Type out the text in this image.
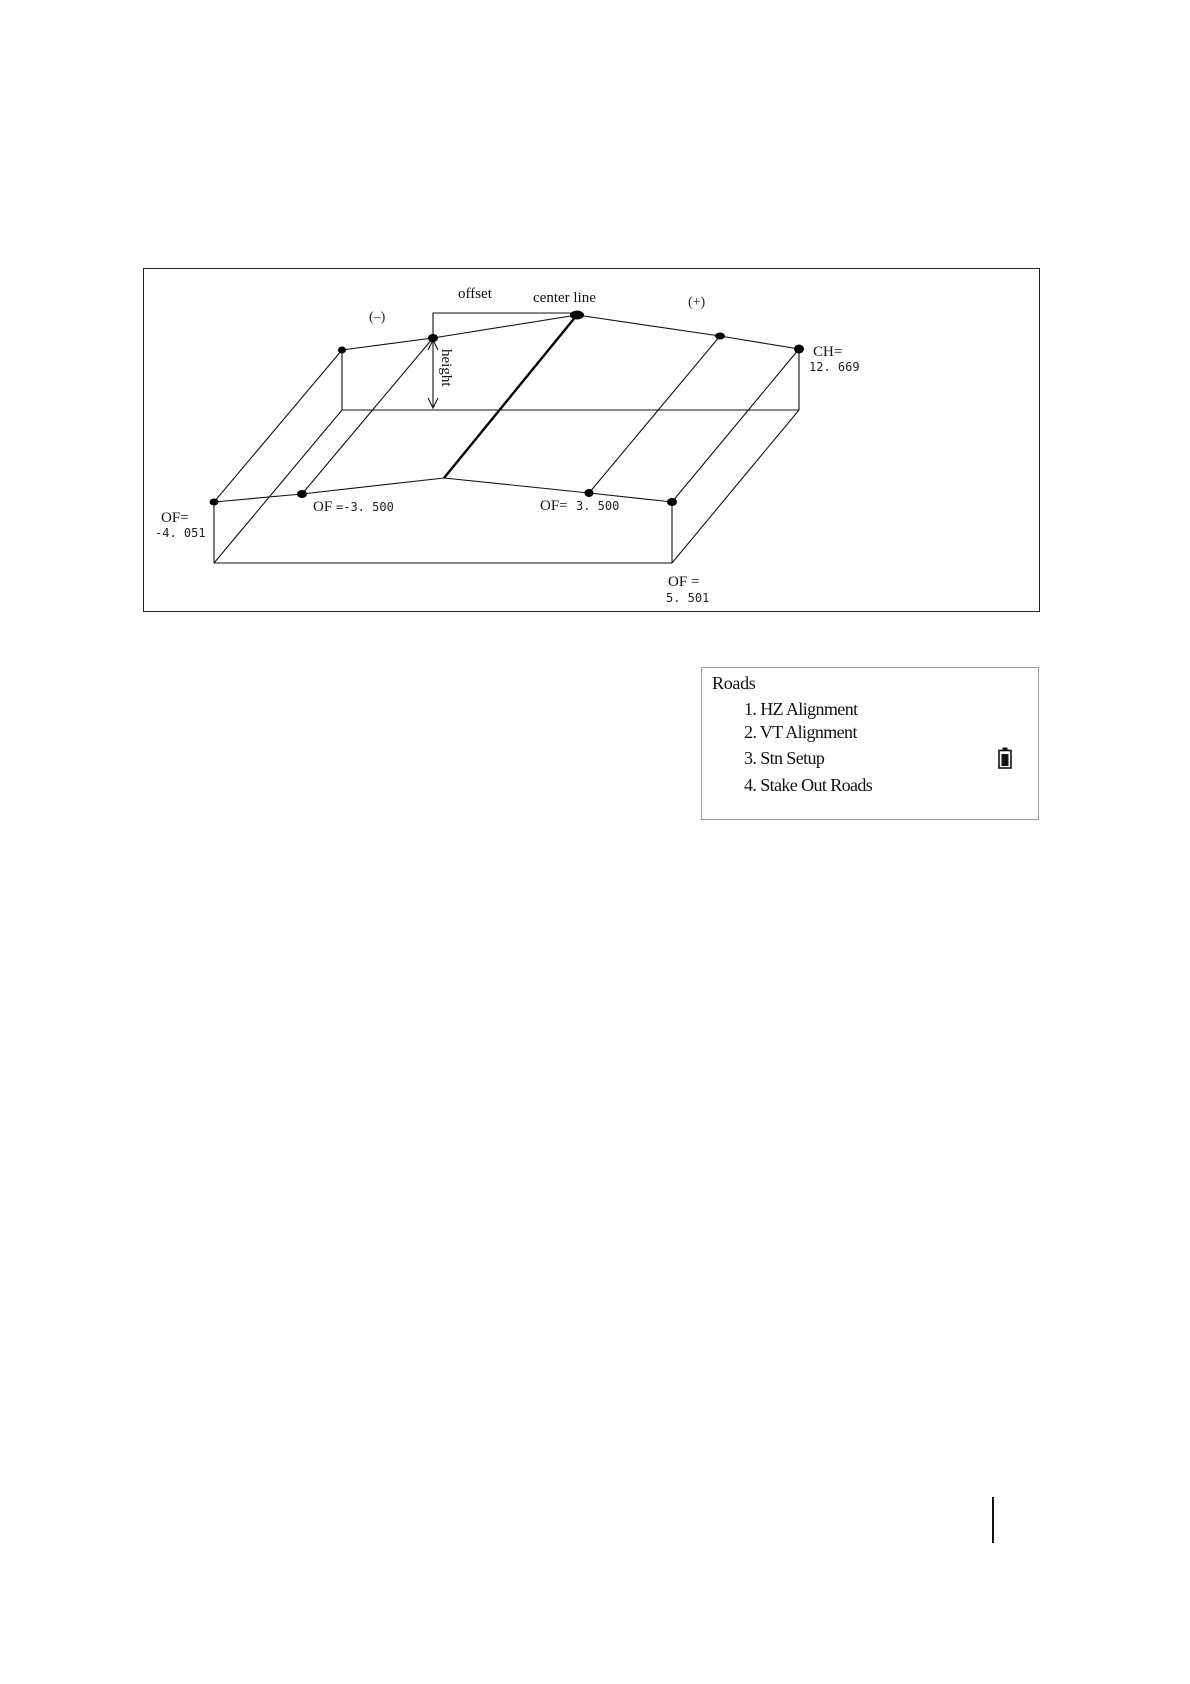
offset	center line
(–)
(+)
height	CH=
12. 669
OF=
-4. 051
OF =-3. 500	OF= 3. 500
OF =
5. 501
Roads
1. HZ Alignment
2. VT Alignment
3. Stn Setup
4. Stake Out Roads
